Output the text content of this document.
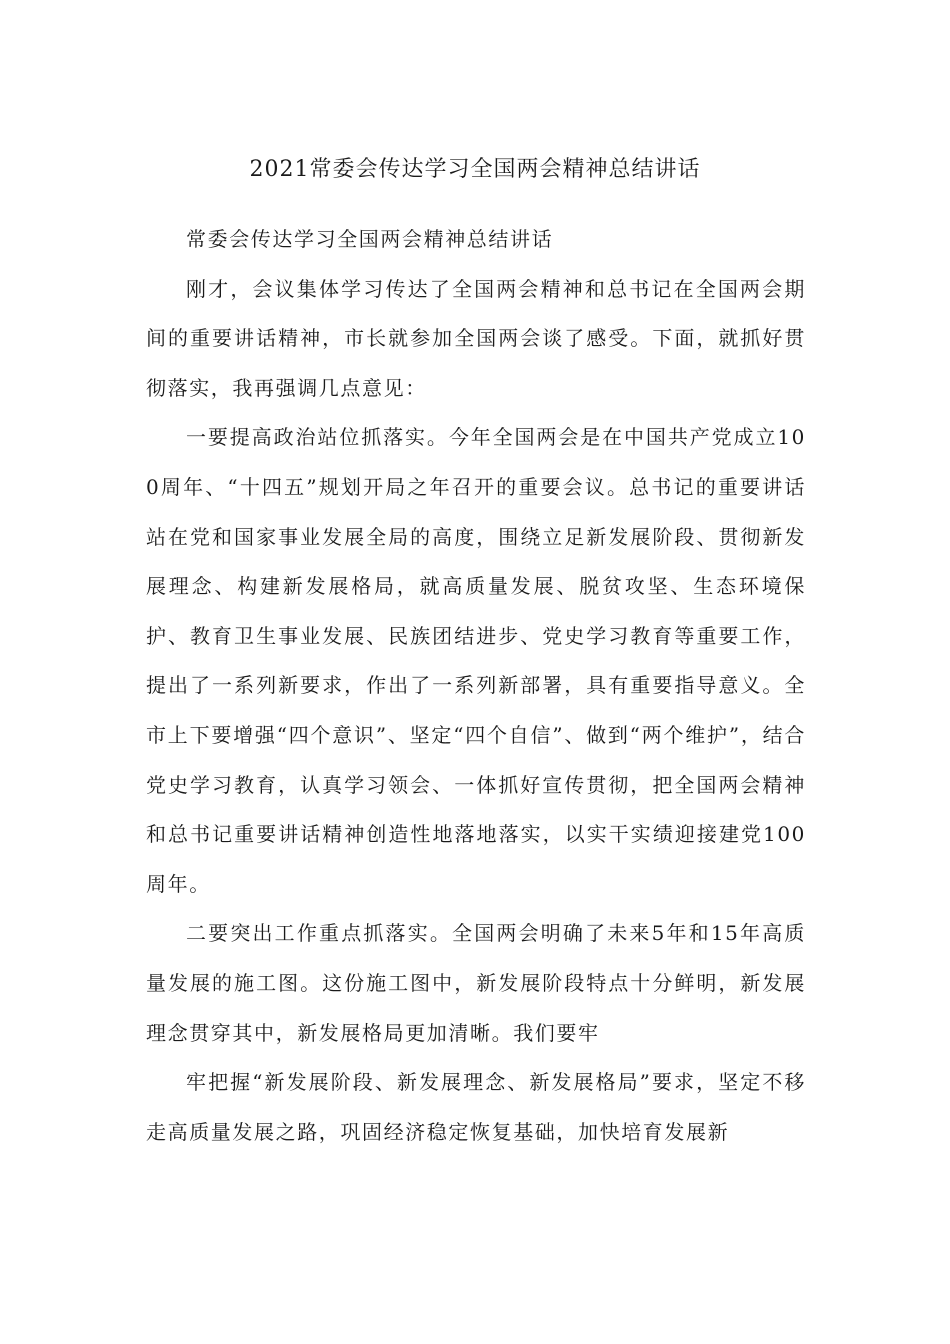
2021常委会传达学习全国两会精神总结讲话

常委会传达学习全国两会精神总结讲话

刚才，会议集体学习传达了全国两会精神和总书记在全国两会期间的重要讲话精神，市长就参加全国两会谈了感受。下面，就抓好贯彻落实，我再强调几点意见：

一要提高政治站位抓落实。今年全国两会是在中国共产党成立100周年、“十四五”规划开局之年召开的重要会议。总书记的重要讲话站在党和国家事业发展全局的高度，围绕立足新发展阶段、贯彻新发展理念、构建新发展格局，就高质量发展、脱贫攻坚、生态环境保护、教育卫生事业发展、民族团结进步、党史学习教育等重要工作，提出了一系列新要求，作出了一系列新部署，具有重要指导意义。全市上下要增强“四个意识”、坚定“四个自信”、做到“两个维护”，结合党史学习教育，认真学习领会、一体抓好宣传贯彻，把全国两会精神和总书记重要讲话精神创造性地落地落实，以实干实绩迎接建党100周年。

二要突出工作重点抓落实。全国两会明确了未来5年和15年高质量发展的施工图。这份施工图中，新发展阶段特点十分鲜明，新发展理念贯穿其中，新发展格局更加清晰。我们要牢

牢把握“新发展阶段、新发展理念、新发展格局”要求，坚定不移走高质量发展之路，巩固经济稳定恢复基础，加快培育发展新
